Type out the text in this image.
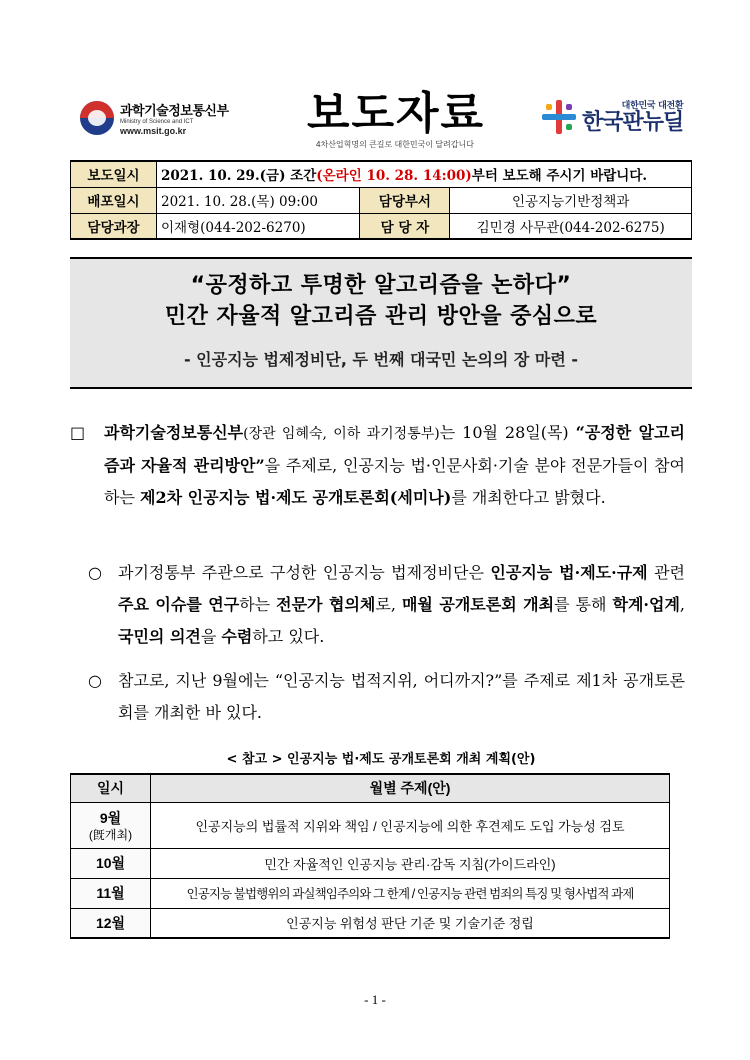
과학기술정보통신부
Ministry of Science and ICT
www.msit.go.kr	보도자료
4차산업혁명의 큰길로 대한민국이 달려갑니다
대한민국 대전환
한국판뉴딜
보도일시	2021. 10. 29.(금) 조간(온라인 10. 28. 14:00)부터 보도해 주시기 바랍니다.		
배포일시	2021. 10. 28.(목) 09:00	담당부서	인공지능기반정책과
담당과장	이재형(044-202-6270)	담 당 자	김민경 사무관(044-202-6275)
“공정하고 투명한 알고리즘을 논하다”
민간 자율적 알고리즘 관리 방안을 중심으로
- 인공지능 법제정비단, 두 번째 대국민 논의의 장 마련 -
□	과학기술정보통신부(장관 임혜숙, 이하 과기정통부)는 10월 28일(목) “공정한 알고리즘과 자율적 관리방안”을 주제로, 인공지능 법·인문사회·기술 분야 전문가들이 참여하는 제2차 인공지능 법·제도 공개토론회(세미나)를 개최한다고 밝혔다.
○	과기정통부 주관으로 구성한 인공지능 법제정비단은 인공지능 법·제도·규제 관련 주요 이슈를 연구하는 전문가 협의체로, 매월 공개토론회 개최를 통해 학계·업계, 국민의 의견을 수렴하고 있다.
○	참고로, 지난 9월에는 “인공지능 법적지위, 어디까지?”를 주제로 제1차 공개토론회를 개최한 바 있다.
< 참고 > 인공지능 법·제도 공개토론회 개최 계획(안)
일시	월별 주제(안)
9월
(旣개최)	인공지능의 법률적 지위와 책임 / 인공지능에 의한 후견제도 도입 가능성 검토
10월	민간 자율적인 인공지능 관리·감독 지침(가이드라인)
11월	인공지능 불법행위의 과실책임주의와 그 한계 / 인공지능 관련 범죄의 특징 및 형사법적 과제
12월	인공지능 위험성 판단 기준 및 기술기준 정립
- 1 -
